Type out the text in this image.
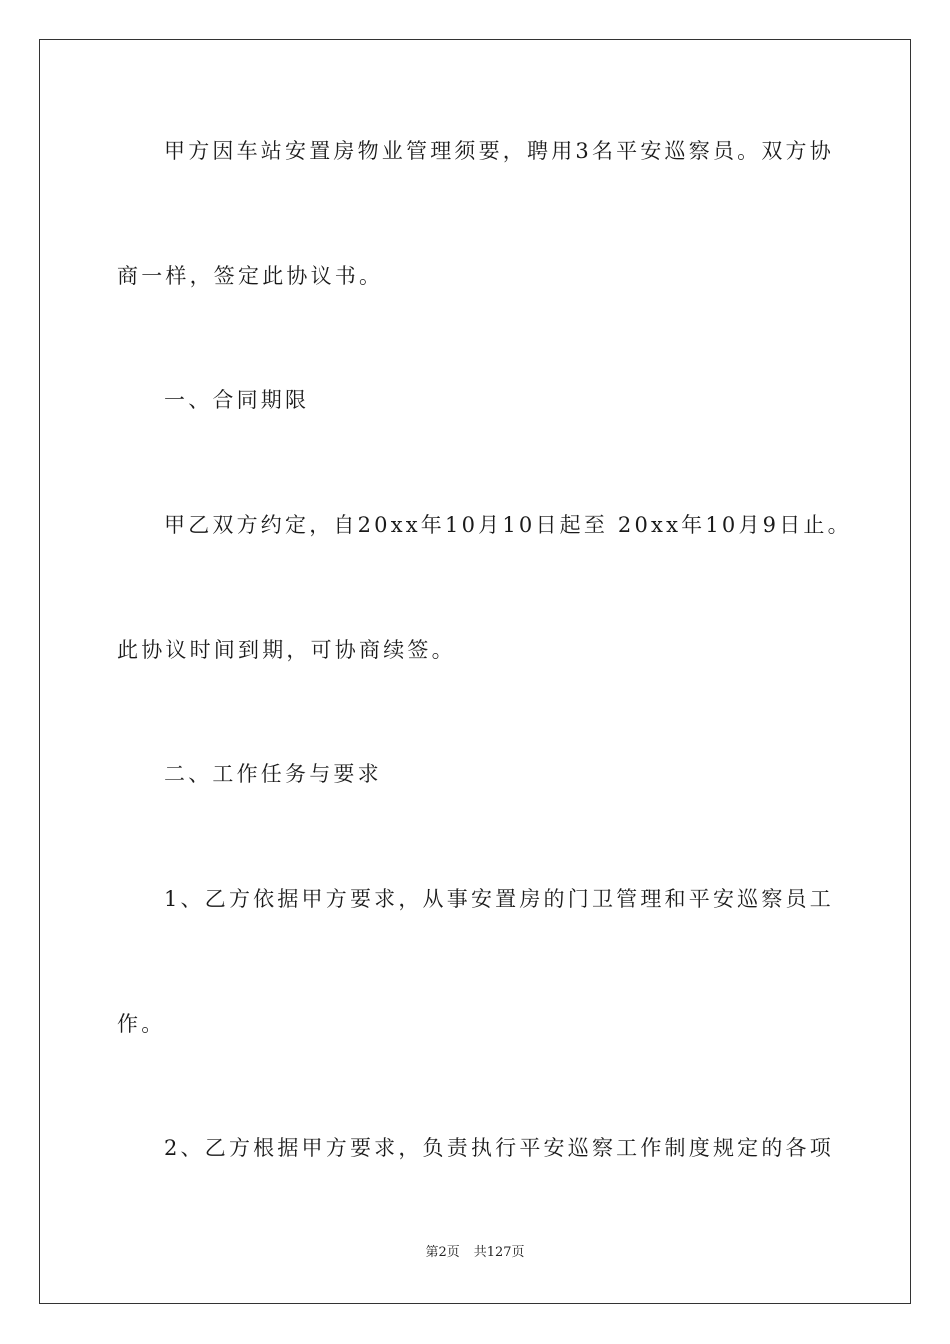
甲方因车站安置房物业管理须要，聘用3名平安巡察员。双方协
商一样，签定此协议书。
一、合同期限
甲乙双方约定，自20xx年10月10日起至 20xx年10月9日止。
此协议时间到期，可协商续签。
二、工作任务与要求
1、乙方依据甲方要求，从事安置房的门卫管理和平安巡察员工
作。
2、乙方根据甲方要求，负责执行平安巡察工作制度规定的各项
第2页 共127页
